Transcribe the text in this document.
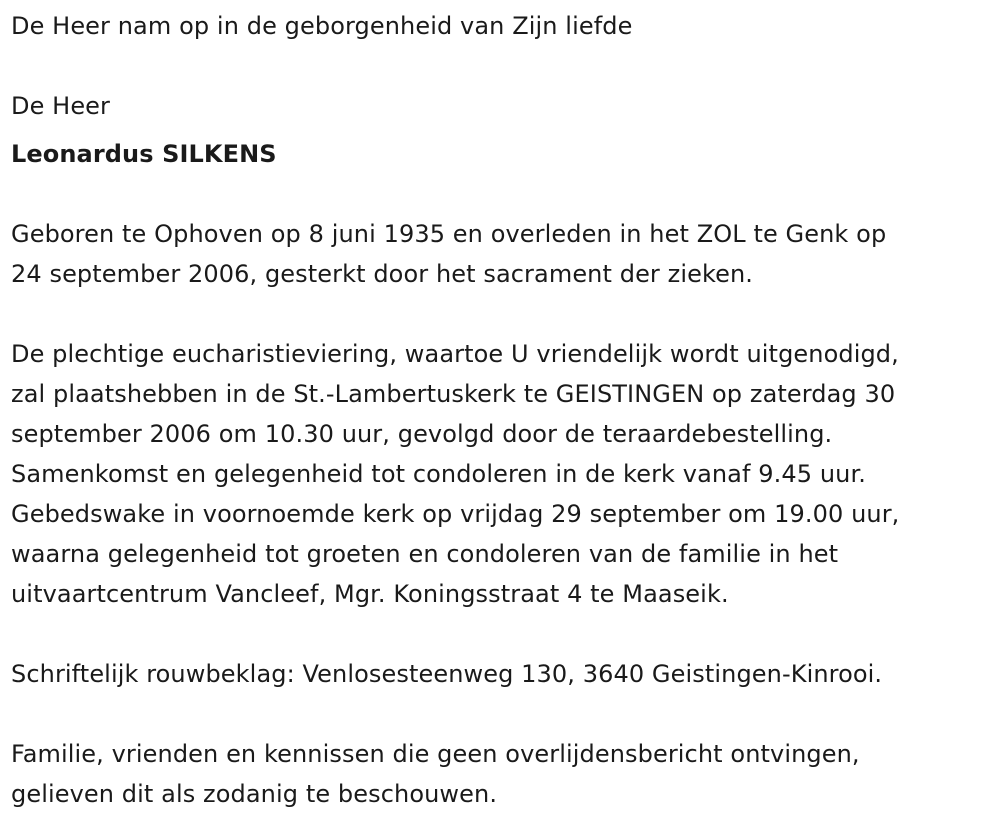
De Heer nam op in de geborgenheid van Zijn liefde
De Heer
Leonardus SILKENS
Geboren te Ophoven op 8 juni 1935 en overleden in het ZOL te Genk op
24 september 2006, gesterkt door het sacrament der zieken.
De plechtige eucharistieviering, waartoe U vriendelijk wordt uitgenodigd,
zal plaatshebben in de St.-Lambertuskerk te GEISTINGEN op zaterdag 30
september 2006 om 10.30 uur, gevolgd door de teraardebestelling.
Samenkomst en gelegenheid tot condoleren in de kerk vanaf 9.45 uur.
Gebedswake in voornoemde kerk op vrijdag 29 september om 19.00 uur,
waarna gelegenheid tot groeten en condoleren van de familie in het
uitvaartcentrum Vancleef, Mgr. Koningsstraat 4 te Maaseik.
Schriftelijk rouwbeklag: Venlosesteenweg 130, 3640 Geistingen-Kinrooi.
Familie, vrienden en kennissen die geen overlijdensbericht ontvingen,
gelieven dit als zodanig te beschouwen.
